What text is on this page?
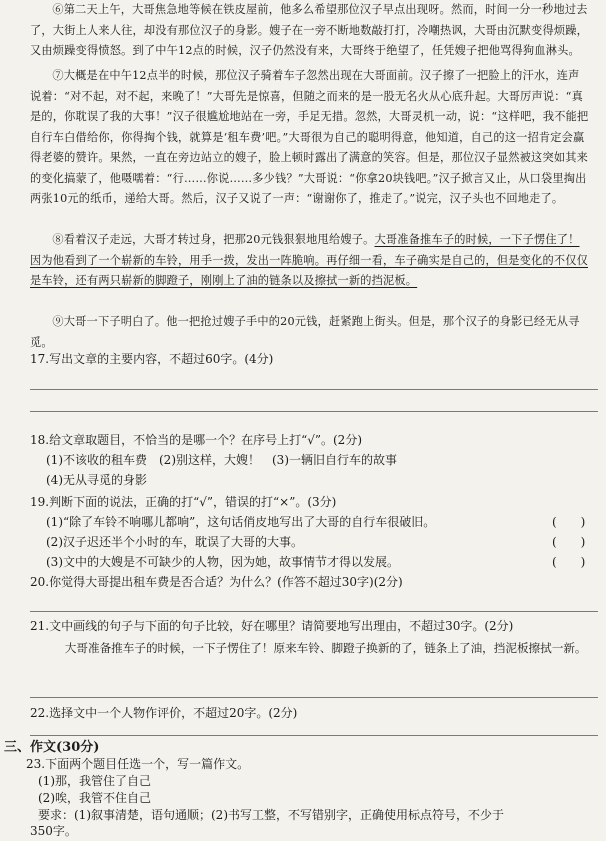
⑥第二天上午，大哥焦急地等候在铁皮屋前，他多么希望那位汉子早点出现呀。然而，时间一分一秒地过去了，大街上人来人往，却没有那位汉子的身影。嫂子在一旁不断地数敲打打，冷嘲热讽，大哥由沉默变得烦躁，又由烦躁变得愤怒。到了中午12点的时候，汉子仍然没有来，大哥终于绝望了，任凭嫂子把他骂得狗血淋头。

⑦大概是在中午12点半的时候，那位汉子骑着车子忽然出现在大哥面前。汉子擦了一把脸上的汗水，连声说着：“对不起，对不起，来晚了！”大哥先是惊喜，但随之而来的是一股无名火从心底升起。大哥厉声说：“真是的，你耽误了我的大事！”汉子很尴尬地站在一旁，手足无措。忽然，大哥灵机一动，说：“这样吧，我不能把自行车白借给你，你得掏个钱，就算是‘租车费’吧。”大哥很为自己的聪明得意，他知道，自己的这一招肯定会赢得老婆的赞许。果然，一直在旁边站立的嫂子，脸上顿时露出了满意的笑容。但是，那位汉子显然被这突如其来的变化搞蒙了，他嗫嚅着：“行……你说……多少钱？”大哥说：“你拿20块钱吧。”汉子掀言又止，从口袋里掏出两张10元的纸币，递给大哥。然后，汉子又说了一声：“谢谢你了，推走了。”说完，汉子头也不回地走了。

⑧看着汉子走远，大哥才转过身，把那20元钱狠狠地甩给嫂子。大哥准备推车子的时候，一下子愣住了！因为他看到了一个崭新的车铃，用手一拨，发出一阵脆响。再仔细一看，车子确实是自己的，但是变化的不仅仅是车铃，还有两只崭新的脚蹬子，刚刚上了油的链条以及擦拭一新的挡泥板。

⑨大哥一下子明白了。他一把抢过嫂子手中的20元钱，赶紧跑上街头。但是，那个汉子的身影已经无从寻觅。

17.写出文章的主要内容，不超过60字。(4分)
18.给文章取题目，不恰当的是哪一个？在序号上打“√”。(2分)
(1)不该收的租车费　(2)别这样，大嫂！　(3)一辆旧自行车的故事
(4)无从寻觅的身影
19.判断下面的说法，正确的打“√”，错误的打“×”。(3分)
(1)“除了车铃不响哪儿都响”，这句话俏皮地写出了大哥的自行车很破旧。	(　　)
(2)汉子迟还半个小时的车，耽误了大哥的大事。	(　　)
(3)文中的大嫂是不可缺少的人物，因为她，故事情节才得以发展。	(　　)
20.你觉得大哥提出租车费是否合适？为什么？(作答不超过30字)(2分)
21.文中画线的句子与下面的句子比较，好在哪里？请简要地写出理由，不超过30字。(2分)

大哥准备推车子的时候，一下子愣住了！原来车铃、脚蹬子换新的了，链条上了油，挡泥板擦拭一新。

22.选择文中一个人物作评价，不超过20字。(2分)
三、作文(30分)
23.下面两个题目任选一个，写一篇作文。
(1)那，我管住了自己
(2)唉，我管不住自己
要求：(1)叙事清楚，语句通顺；(2)书写工整，不写错别字，正确使用标点符号，不少于
350字。
